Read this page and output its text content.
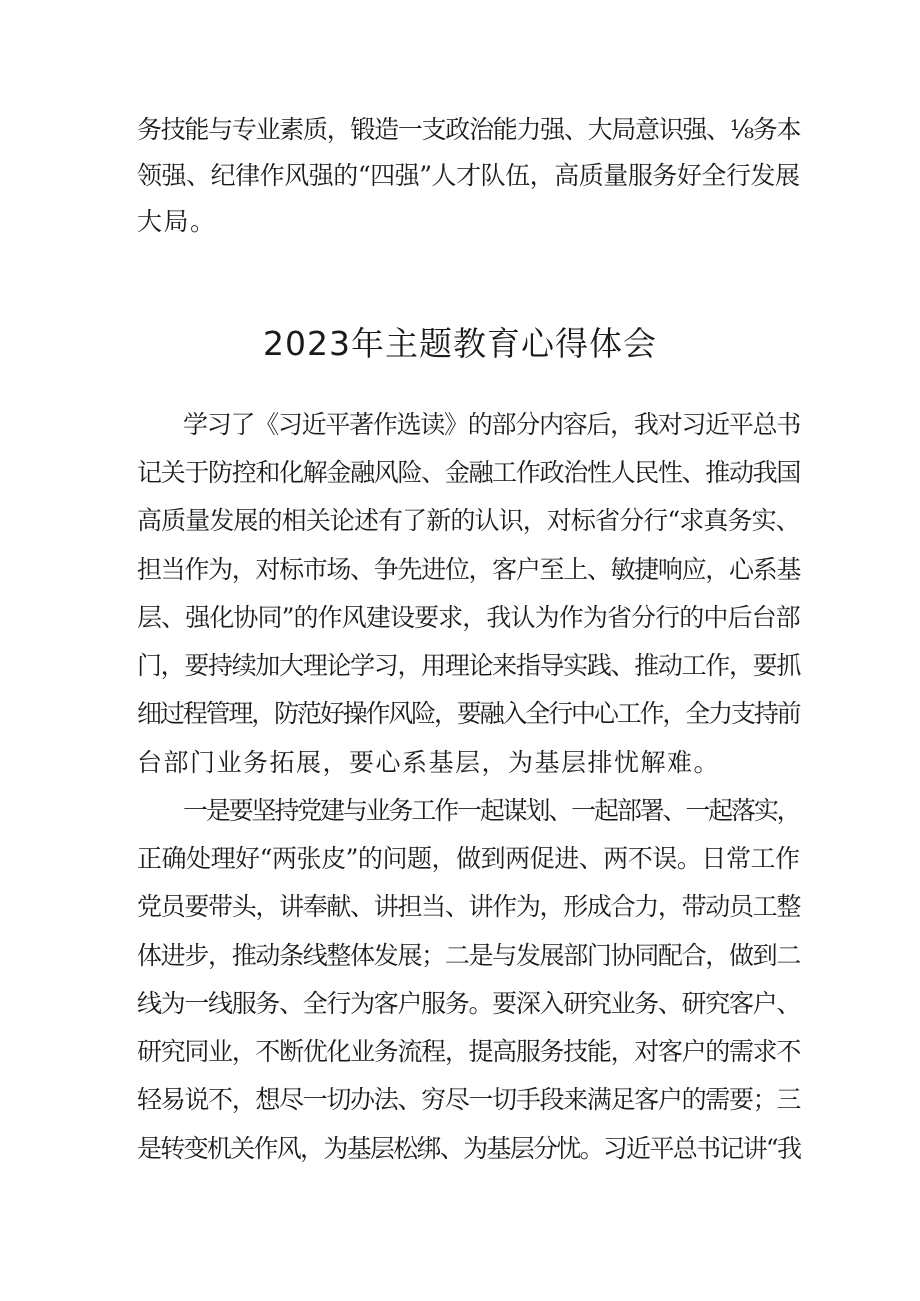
务技能与专业素质，锻造一支政治能力强、大局意识强、⅛务本
领强、纪律作风强的“四强”人才队伍，高质量服务好全行发展
大局。
2023年主题教育心得体会
学习了《习近平著作选读》的部分内容后，我对习近平总书
记关于防控和化解金融风险、金融工作政治性人民性、推动我国
高质量发展的相关论述有了新的认识，对标省分行“求真务实、
担当作为，对标市场、争先进位，客户至上、敏捷响应，心系基
层、强化协同”的作风建设要求，我认为作为省分行的中后台部
门，要持续加大理论学习，用理论来指导实践、推动工作，要抓
细过程管理，防范好操作风险，要融入全行中心工作，全力支持前
台部门业务拓展，要心系基层，为基层排忧解难。
一是要坚持党建与业务工作一起谋划、一起部署、一起落实，
正确处理好“两张皮”的问题，做到两促进、两不误。日常工作
党员要带头，讲奉献、讲担当、讲作为，形成合力，带动员工整
体进步，推动条线整体发展；二是与发展部门协同配合，做到二
线为一线服务、全行为客户服务。要深入研究业务、研究客户、
研究同业，不断优化业务流程，提高服务技能，对客户的需求不
轻易说不，想尽一切办法、穷尽一切手段来满足客户的需要；三
是转变机关作风，为基层松绑、为基层分忧。习近平总书记讲“我
